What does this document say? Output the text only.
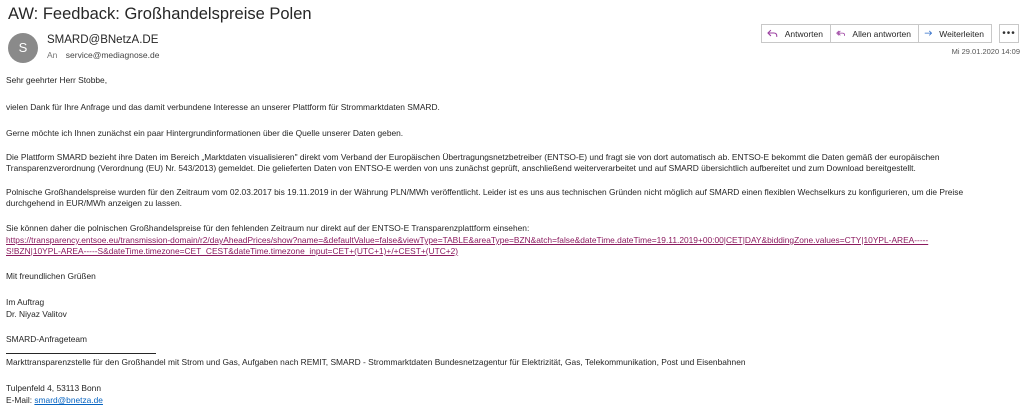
AW: Feedback: Großhandelspreise Polen
S	SMARD@BNetzA.DE
An service@mediagnose.de
Antworten	Allen antworten	Weiterleiten •••
Mi 29.01.2020 14:09

Sehr geehrter Herr Stobbe,

vielen Dank für Ihre Anfrage und das damit verbundene Interesse an unserer Plattform für Strommarktdaten SMARD.

Gerne möchte ich Ihnen zunächst ein paar Hintergrundinformationen über die Quelle unserer Daten geben.

Die Plattform SMARD bezieht ihre Daten im Bereich „Marktdaten visualisieren" direkt vom Verband der Europäischen Übertragungsnetzbetreiber (ENTSO-E) und fragt sie von dort automatisch ab. ENTSO-E bekommt die Daten gemäß der europäischen

Transparenzverordnung (Verordnung (EU) Nr. 543/2013) gemeldet. Die gelieferten Daten von ENTSO-E werden von uns zunächst geprüft, anschließend weiterverarbeitet und auf SMARD übersichtlich aufbereitet und zum Download bereitgestellt.

Polnische Großhandelspreise wurden für den Zeitraum vom 02.03.2017 bis 19.11.2019 in der Währung PLN/MWh veröffentlicht. Leider ist es uns aus technischen Gründen nicht möglich auf SMARD einen flexiblen Wechselkurs zu konfigurieren, um die Preise

durchgehend in EUR/MWh anzeigen zu lassen.

Sie können daher die polnischen Großhandelspreise für den fehlenden Zeitraum nur direkt auf der ENTSO-E Transparenzplattform einsehen:

https://transparency.entsoe.eu/transmission-domain/r2/dayAheadPrices/show?name=&defaultValue=false&viewType=TABLE&areaType=BZN&atch=false&dateTime.dateTime=19.11.2019+00:00|CET|DAY&biddingZone.values=CTY|10YPL-AREA-----

S!BZN|10YPL-AREA-----S&dateTime.timezone=CET_CEST&dateTime.timezone_input=CET+(UTC+1)+/+CEST+(UTC+2)

Mit freundlichen Grüßen

Im Auftrag

Dr. Niyaz Valitov

SMARD-Anfrageteam

Markttransparenzstelle für den Großhandel mit Strom und Gas, Aufgaben nach REMIT, SMARD - Strommarktdaten Bundesnetzagentur für Elektrizität, Gas, Telekommunikation, Post und Eisenbahnen

Tulpenfeld 4, 53113 Bonn

E-Mail: smard@bnetza.de
